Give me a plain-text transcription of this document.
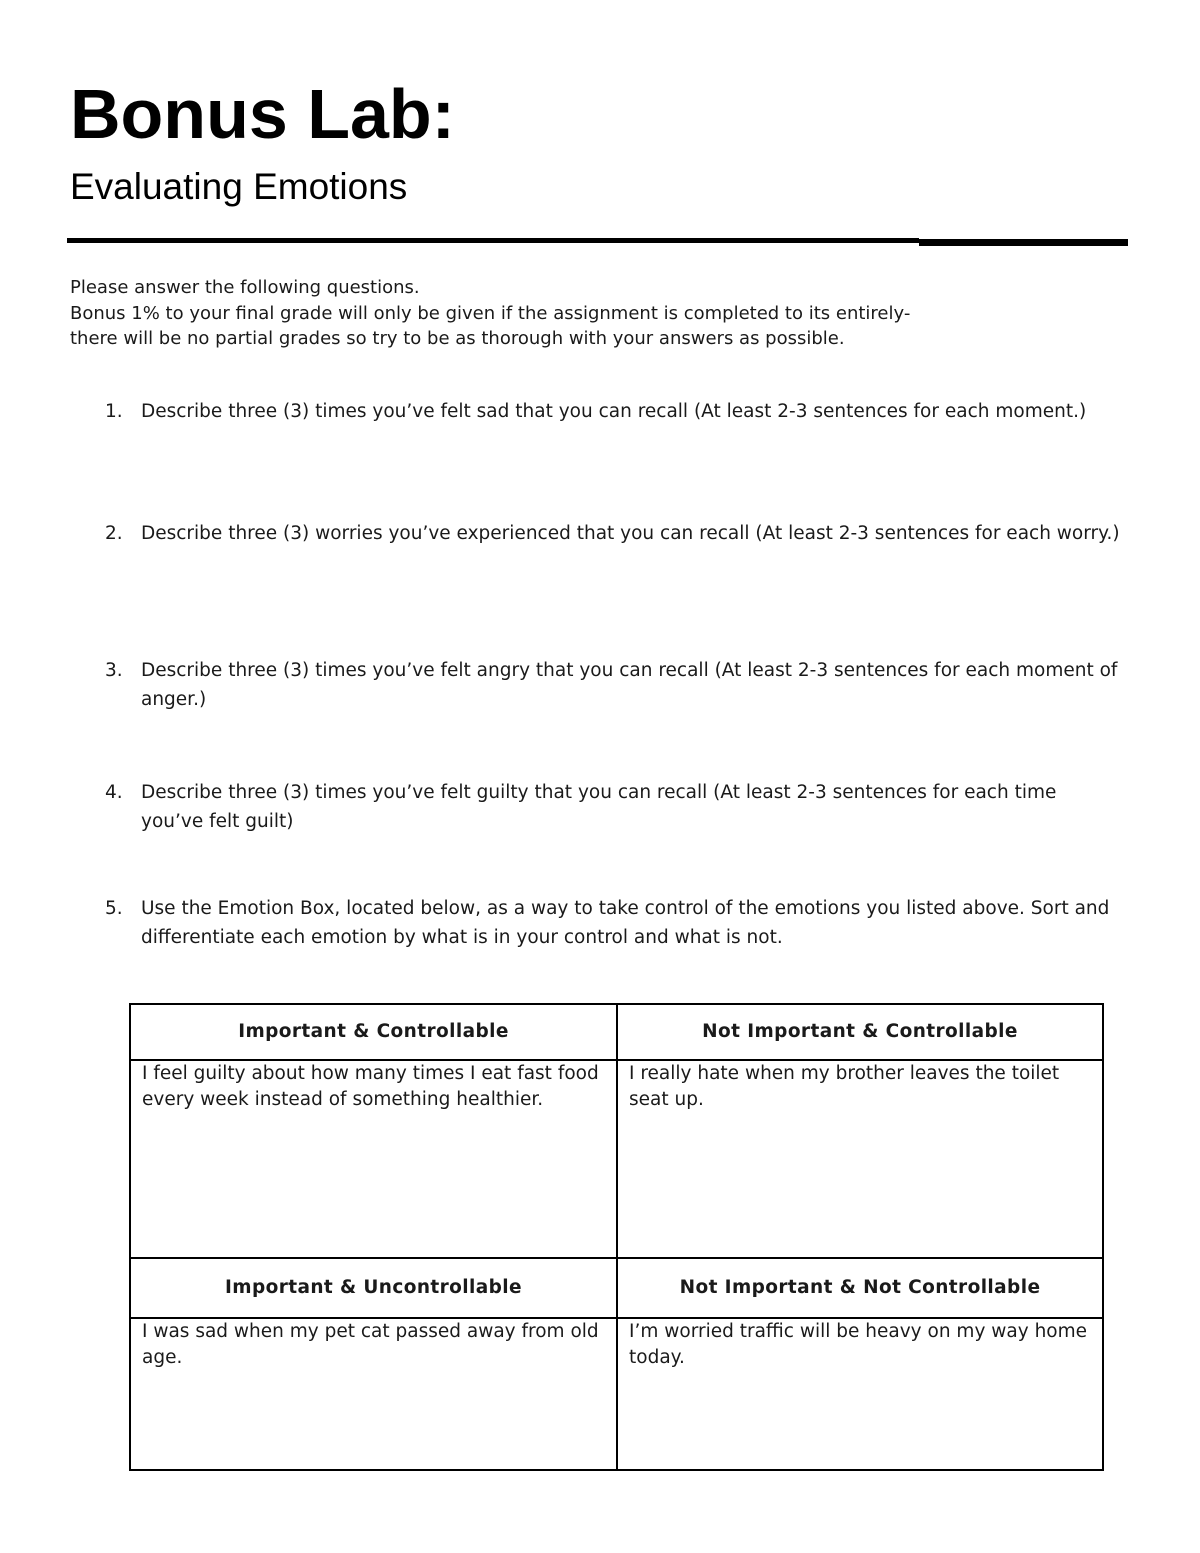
Bonus Lab:
Evaluating Emotions

Please answer the following questions.

Bonus 1% to your final grade will only be given if the assignment is completed to its entirely-

there will be no partial grades so try to be as thorough with your answers as possible.

1. Describe three (3) times you’ve felt sad that you can recall (At least 2-3 sentences for each moment.)
2. Describe three (3) worries you’ve experienced that you can recall (At least 2-3 sentences for each worry.)
3. Describe three (3) times you’ve felt angry that you can recall (At least 2-3 sentences for each moment of anger.)
4. Describe three (3) times you’ve felt guilty that you can recall (At least 2-3 sentences for each time you’ve felt guilt)
5. Use the Emotion Box, located below, as a way to take control of the emotions you listed above. Sort and differentiate each emotion by what is in your control and what is not.
Important & Controllable	Not Important & Controllable

I feel guilty about how many times I eat fast food every week instead of something healthier.	I really hate when my brother leaves the toilet seat up.

Important & Uncontrollable	Not Important & Not Controllable

I was sad when my pet cat passed away from old age.	I’m worried traffic will be heavy on my way home today.
